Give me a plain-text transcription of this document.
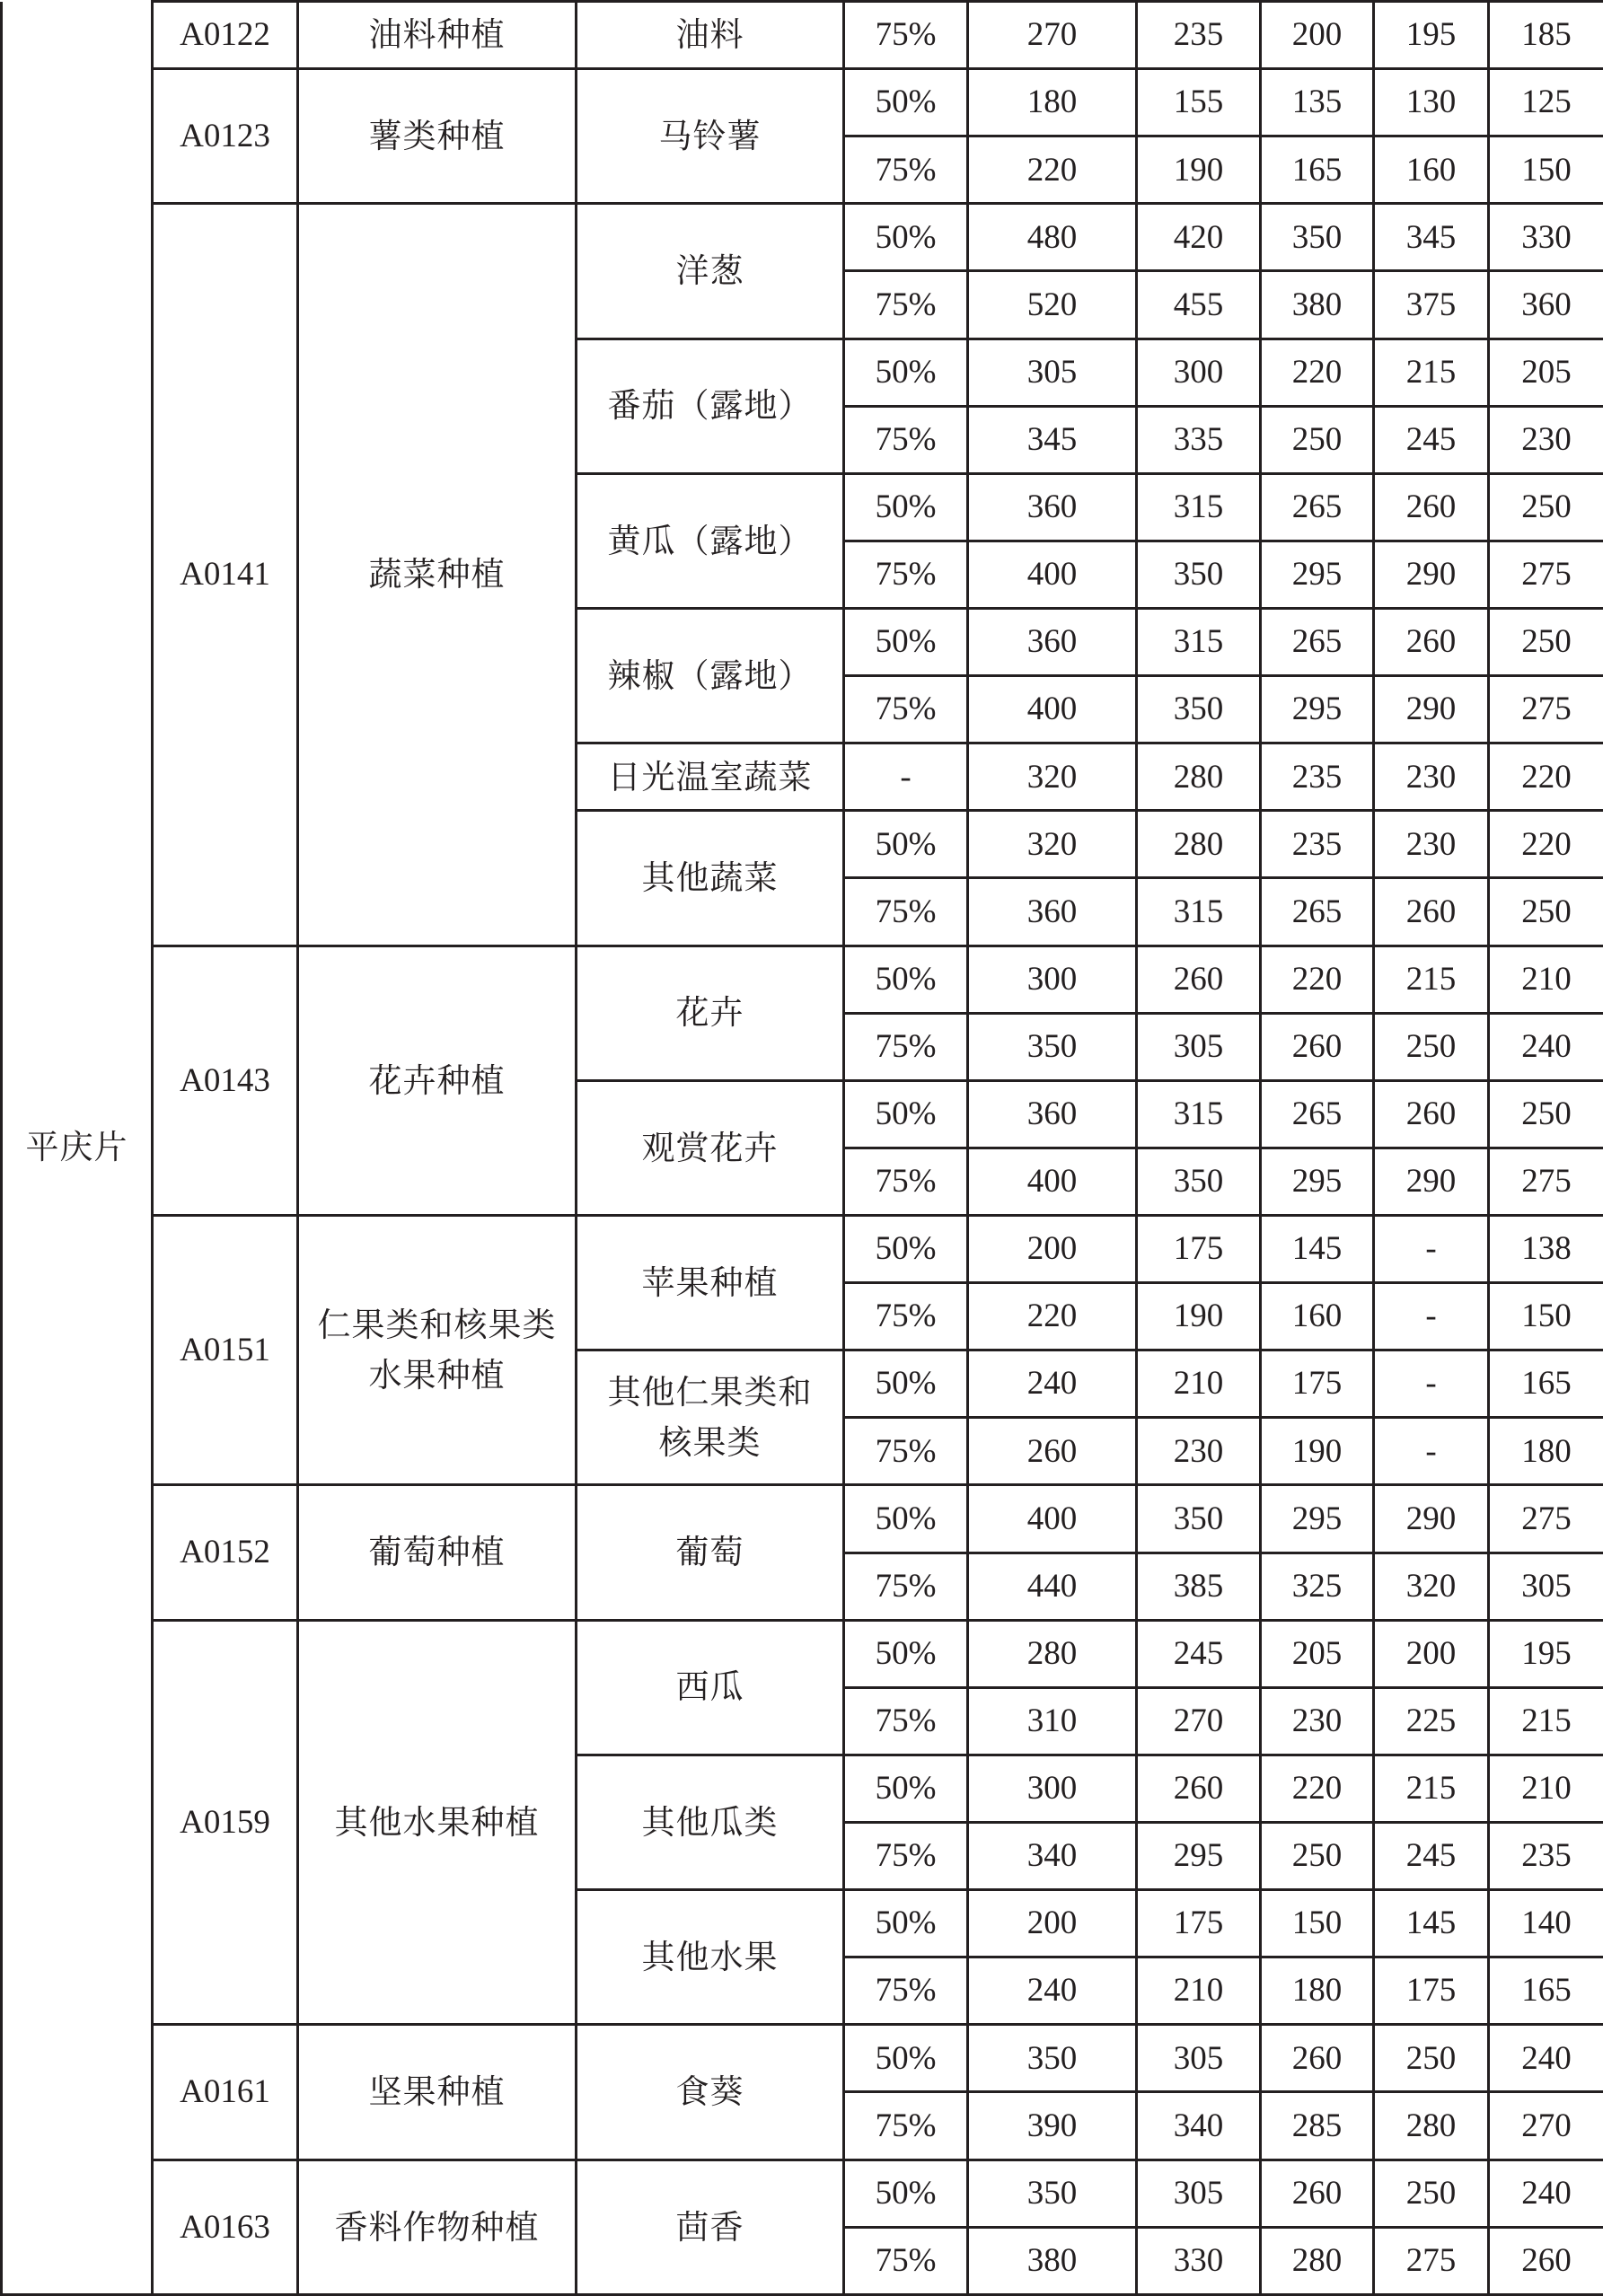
平庆片	A0122	油料种植	油料	75%	270	235	200	195	185
	A0123	薯类种植	马铃薯	50%	180	155	135	130	125
				75%	220	190	165	160	150
	A0141	蔬菜种植	洋葱	50%	480	420	350	345	330
				75%	520	455	380	375	360

			番茄（露地）	50%	305	300	220	215	205
				75%	345	335	250	245	230

			黄瓜（露地）	50%	360	315	265	260	250
				75%	400	350	295	290	275

			辣椒（露地）	50%	360	315	265	260	250
				75%	400	350	295	290	275

			日光温室蔬菜	-	320	280	235	230	220

			其他蔬菜	50%	320	280	235	230	220
				75%	360	315	265	260	250
	A0143	花卉种植	花卉	50%	300	260	220	215	210
				75%	350	305	260	250	240

			观赏花卉	50%	360	315	265	260	250
				75%	400	350	295	290	275
	A0151	仁果类和核果类水果种植	苹果种植	50%	200	175	145	-	138
				75%	220	190	160	-	150

			其他仁果类和核果类	50%	240	210	175	-	165
				75%	260	230	190	-	180
	A0152	葡萄种植	葡萄	50%	400	350	295	290	275
				75%	440	385	325	320	305
	A0159	其他水果种植	西瓜	50%	280	245	205	200	195
				75%	310	270	230	225	215

			其他瓜类	50%	300	260	220	215	210
				75%	340	295	250	245	235

			其他水果	50%	200	175	150	145	140
				75%	240	210	180	175	165
	A0161	坚果种植	食葵	50%	350	305	260	250	240
				75%	390	340	285	280	270
	A0163	香料作物种植	茴香	50%	350	305	260	250	240
				75%	380	330	280	275	260
